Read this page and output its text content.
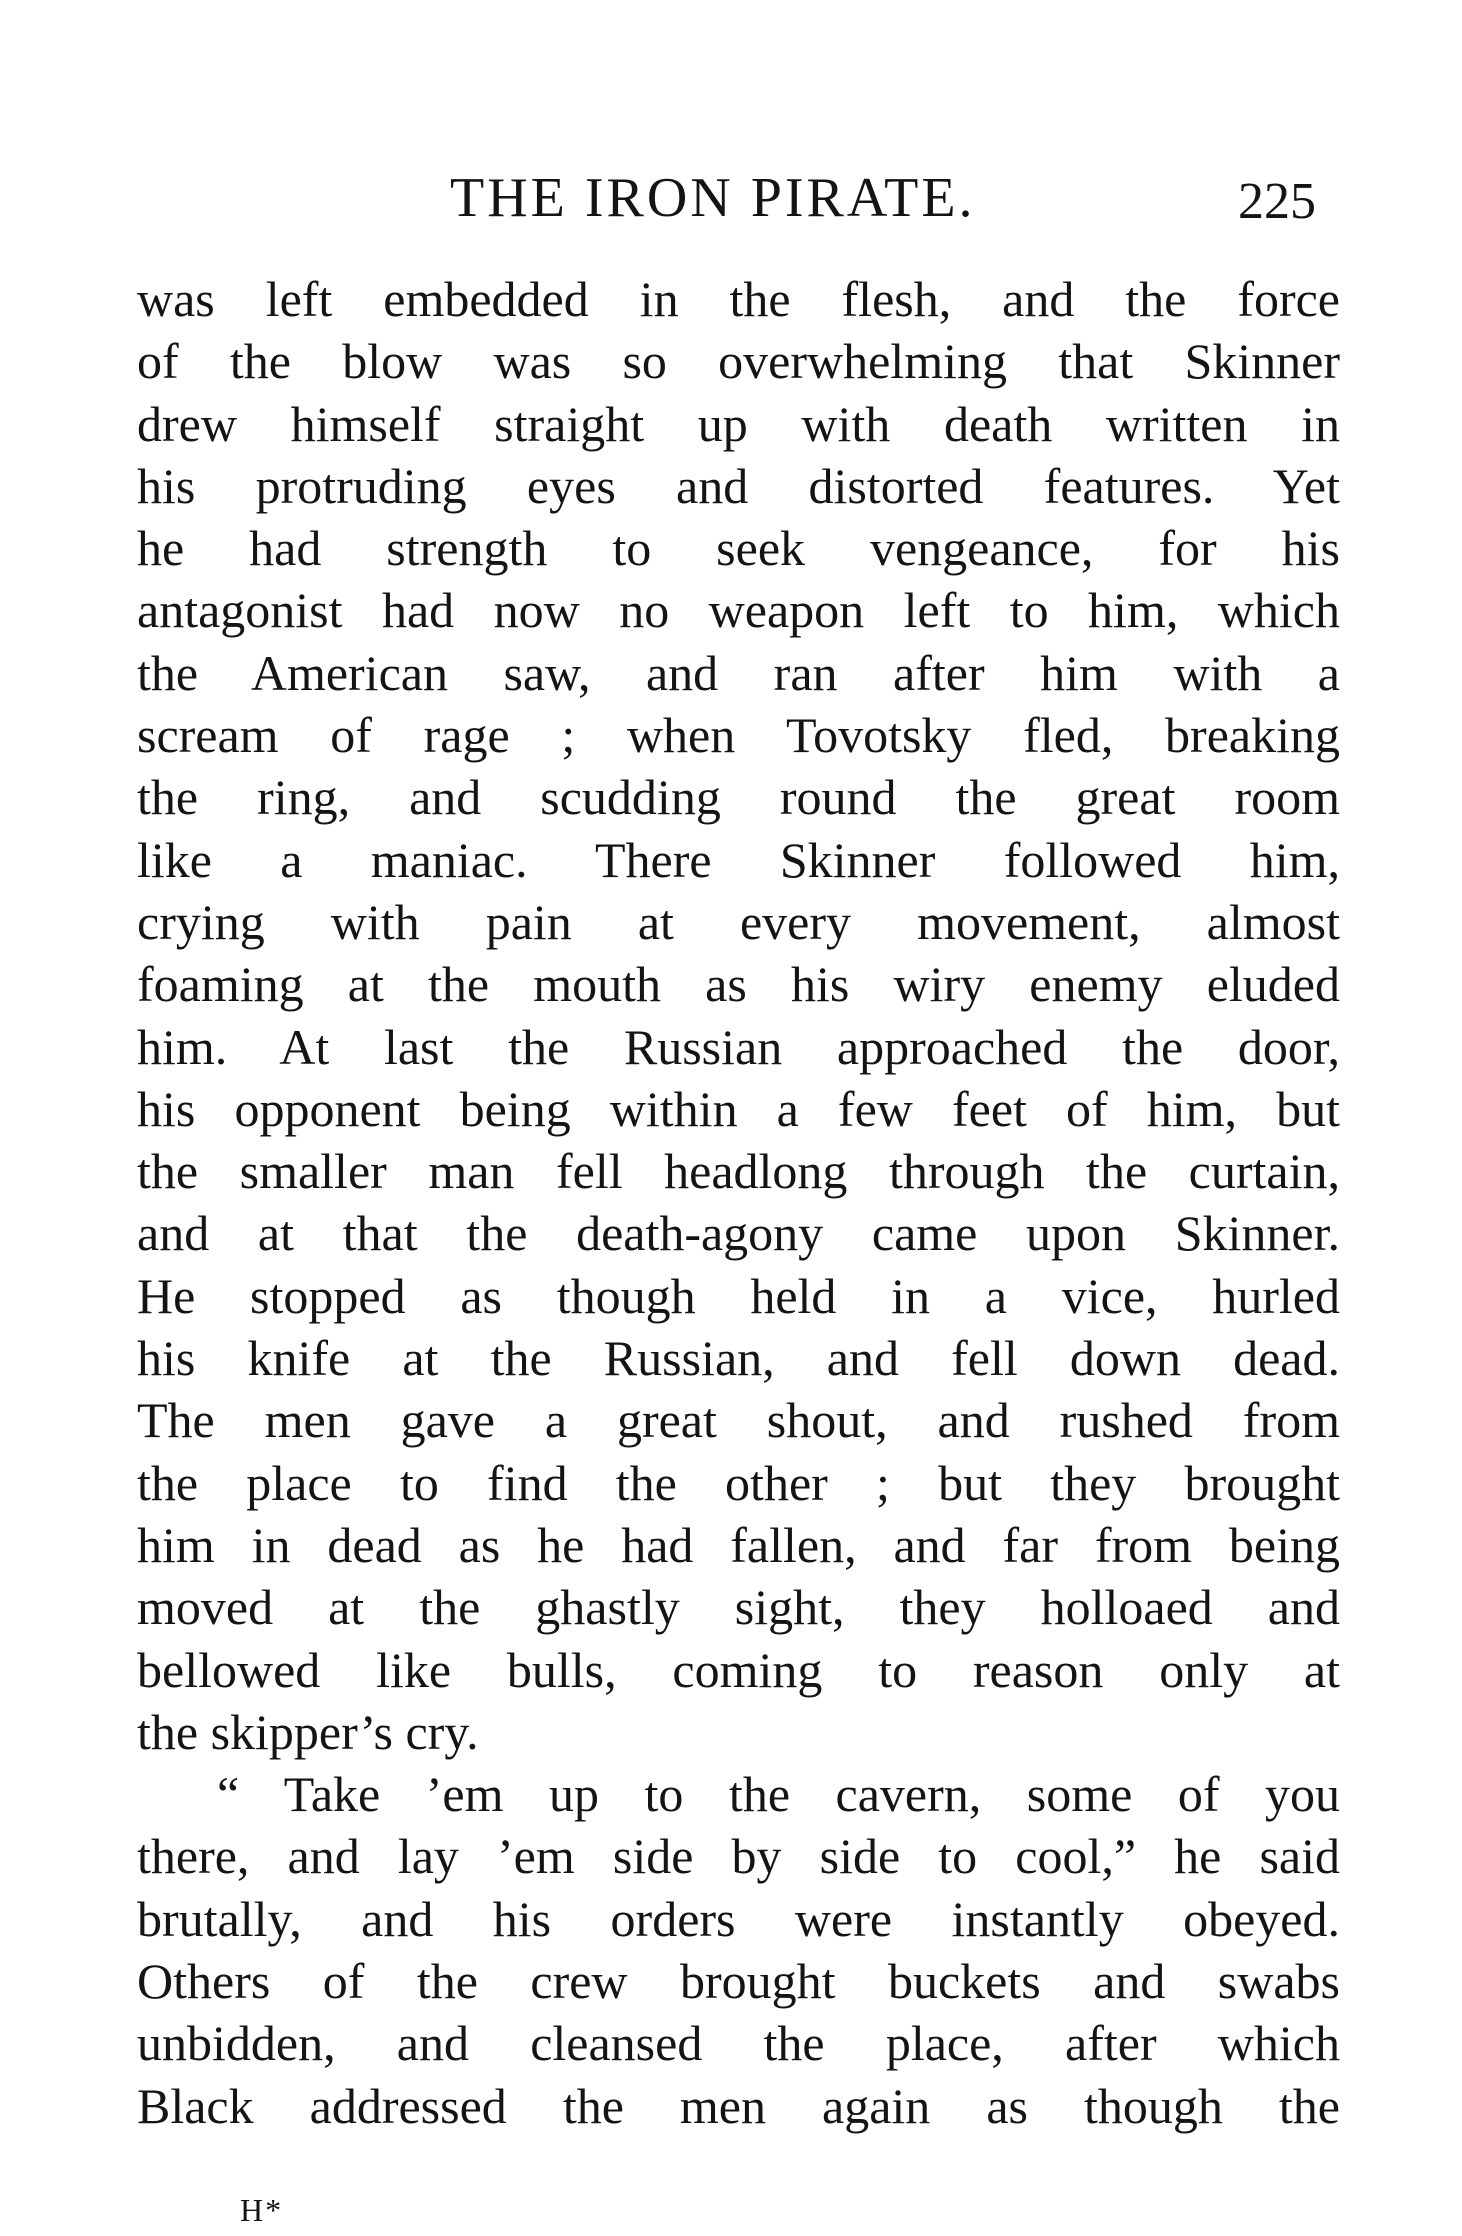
THE IRON PIRATE.	225
was left embedded in the flesh, and the force
of the blow was so overwhelming that Skinner
drew himself straight up with death written in
his protruding eyes and distorted features. Yet
he had strength to seek vengeance, for his
antagonist had now no weapon left to him, which
the American saw, and ran after him with a
scream of rage ; when Tovotsky fled, breaking
the ring, and scudding round the great room
like a maniac. There Skinner followed him,
crying with pain at every movement, almost
foaming at the mouth as his wiry enemy eluded
him. At last the Russian approached the door,
his opponent being within a few feet of him, but
the smaller man fell headlong through the curtain,
and at that the death-agony came upon Skinner.
He stopped as though held in a vice, hurled
his knife at the Russian, and fell down dead.
The men gave a great shout, and rushed from
the place to find the other ; but they brought
him in dead as he had fallen, and far from being
moved at the ghastly sight, they holloaed and
bellowed like bulls, coming to reason only at
the skipper’s cry.
“ Take ’em up to the cavern, some of you
there, and lay ’em side by side to cool,” he said
brutally, and his orders were instantly obeyed.
Others of the crew brought buckets and swabs
unbidden, and cleansed the place, after which
Black addressed the men again as though the
H*
